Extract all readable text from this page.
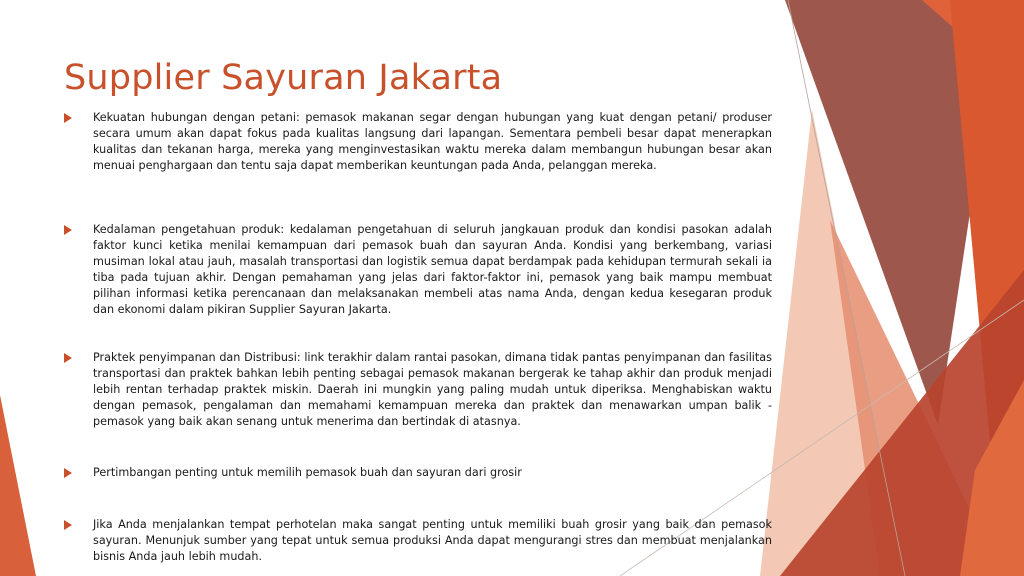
Supplier Sayuran Jakarta
Kekuatan hubungan dengan petani: pemasok makanan segar dengan hubungan yang kuat dengan petani/ produser secara umum akan dapat fokus pada kualitas langsung dari lapangan. Sementara pembeli besar dapat menerapkan kualitas dan tekanan harga, mereka yang menginvestasikan waktu mereka dalam membangun hubungan besar akan menuai penghargaan dan tentu saja dapat memberikan keuntungan pada Anda, pelanggan mereka.
Kedalaman pengetahuan produk: kedalaman pengetahuan di seluruh jangkauan produk dan kondisi pasokan adalah faktor kunci ketika menilai kemampuan dari pemasok buah dan sayuran Anda. Kondisi yang berkembang, variasi musiman lokal atau jauh, masalah transportasi dan logistik semua dapat berdampak pada kehidupan termurah sekali ia tiba pada tujuan akhir. Dengan pemahaman yang jelas dari faktor-faktor ini, pemasok yang baik mampu membuat pilihan informasi ketika perencanaan dan melaksanakan membeli atas nama Anda, dengan kedua kesegaran produk dan ekonomi dalam pikiran Supplier Sayuran Jakarta.
Praktek penyimpanan dan Distribusi: link terakhir dalam rantai pasokan, dimana tidak pantas penyimpanan dan fasilitas transportasi dan praktek bahkan lebih penting sebagai pemasok makanan bergerak ke tahap akhir dan produk menjadi lebih rentan terhadap praktek miskin. Daerah ini mungkin yang paling mudah untuk diperiksa. Menghabiskan waktu dengan pemasok, pengalaman dan memahami kemampuan mereka dan praktek dan menawarkan umpan balik - pemasok yang baik akan senang untuk menerima dan bertindak di atasnya.
Pertimbangan penting untuk memilih pemasok buah dan sayuran dari grosir
Jika Anda menjalankan tempat perhotelan maka sangat penting untuk memiliki buah grosir yang baik dan pemasok sayuran. Menunjuk sumber yang tepat untuk semua produksi Anda dapat mengurangi stres dan membuat menjalankan bisnis Anda jauh lebih mudah.
